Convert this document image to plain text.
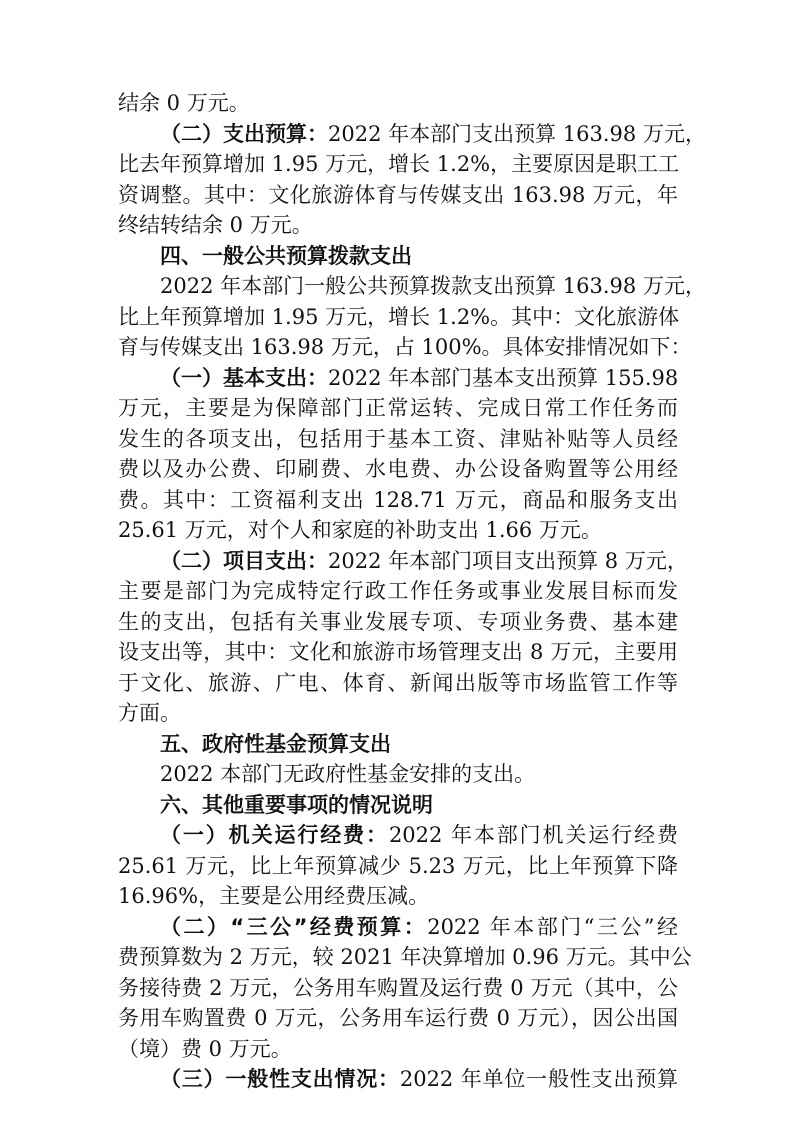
结余 0 万元。
（二）支出预算：2022 年本部门支出预算 163.98 万元，
比去年预算增加 1.95 万元，增长 1.2%，主要原因是职工工
资调整。其中：文化旅游体育与传媒支出 163.98 万元，年
终结转结余 0 万元。
四、一般公共预算拨款支出
2022 年本部门一般公共预算拨款支出预算 163.98 万元，
比上年预算增加 1.95 万元，增长 1.2%。其中：文化旅游体
育与传媒支出 163.98 万元，占 100%。具体安排情况如下：
（一）基本支出：2022 年本部门基本支出预算 155.98
万元，主要是为保障部门正常运转、完成日常工作任务而
发生的各项支出，包括用于基本工资、津贴补贴等人员经
费以及办公费、印刷费、水电费、办公设备购置等公用经
费。其中：工资福利支出 128.71 万元，商品和服务支出
25.61 万元，对个人和家庭的补助支出 1.66 万元。
（二）项目支出：2022 年本部门项目支出预算 8 万元，
主要是部门为完成特定行政工作任务或事业发展目标而发
生的支出，包括有关事业发展专项、专项业务费、基本建
设支出等，其中：文化和旅游市场管理支出 8 万元，主要用
于文化、旅游、广电、体育、新闻出版等市场监管工作等
方面。
五、政府性基金预算支出
2022 本部门无政府性基金安排的支出。
六、其他重要事项的情况说明
（一）机关运行经费：2022 年本部门机关运行经费
25.61 万元，比上年预算减少 5.23 万元，比上年预算下降
16.96%，主要是公用经费压减。
（二）“三公”经费预算：2022 年本部门“三公”经
费预算数为 2 万元，较 2021 年决算增加 0.96 万元。其中公
务接待费 2 万元，公务用车购置及运行费 0 万元（其中，公
务用车购置费 0 万元，公务用车运行费 0 万元），因公出国
（境）费 0 万元。
（三）一般性支出情况：2022 年单位一般性支出预算
